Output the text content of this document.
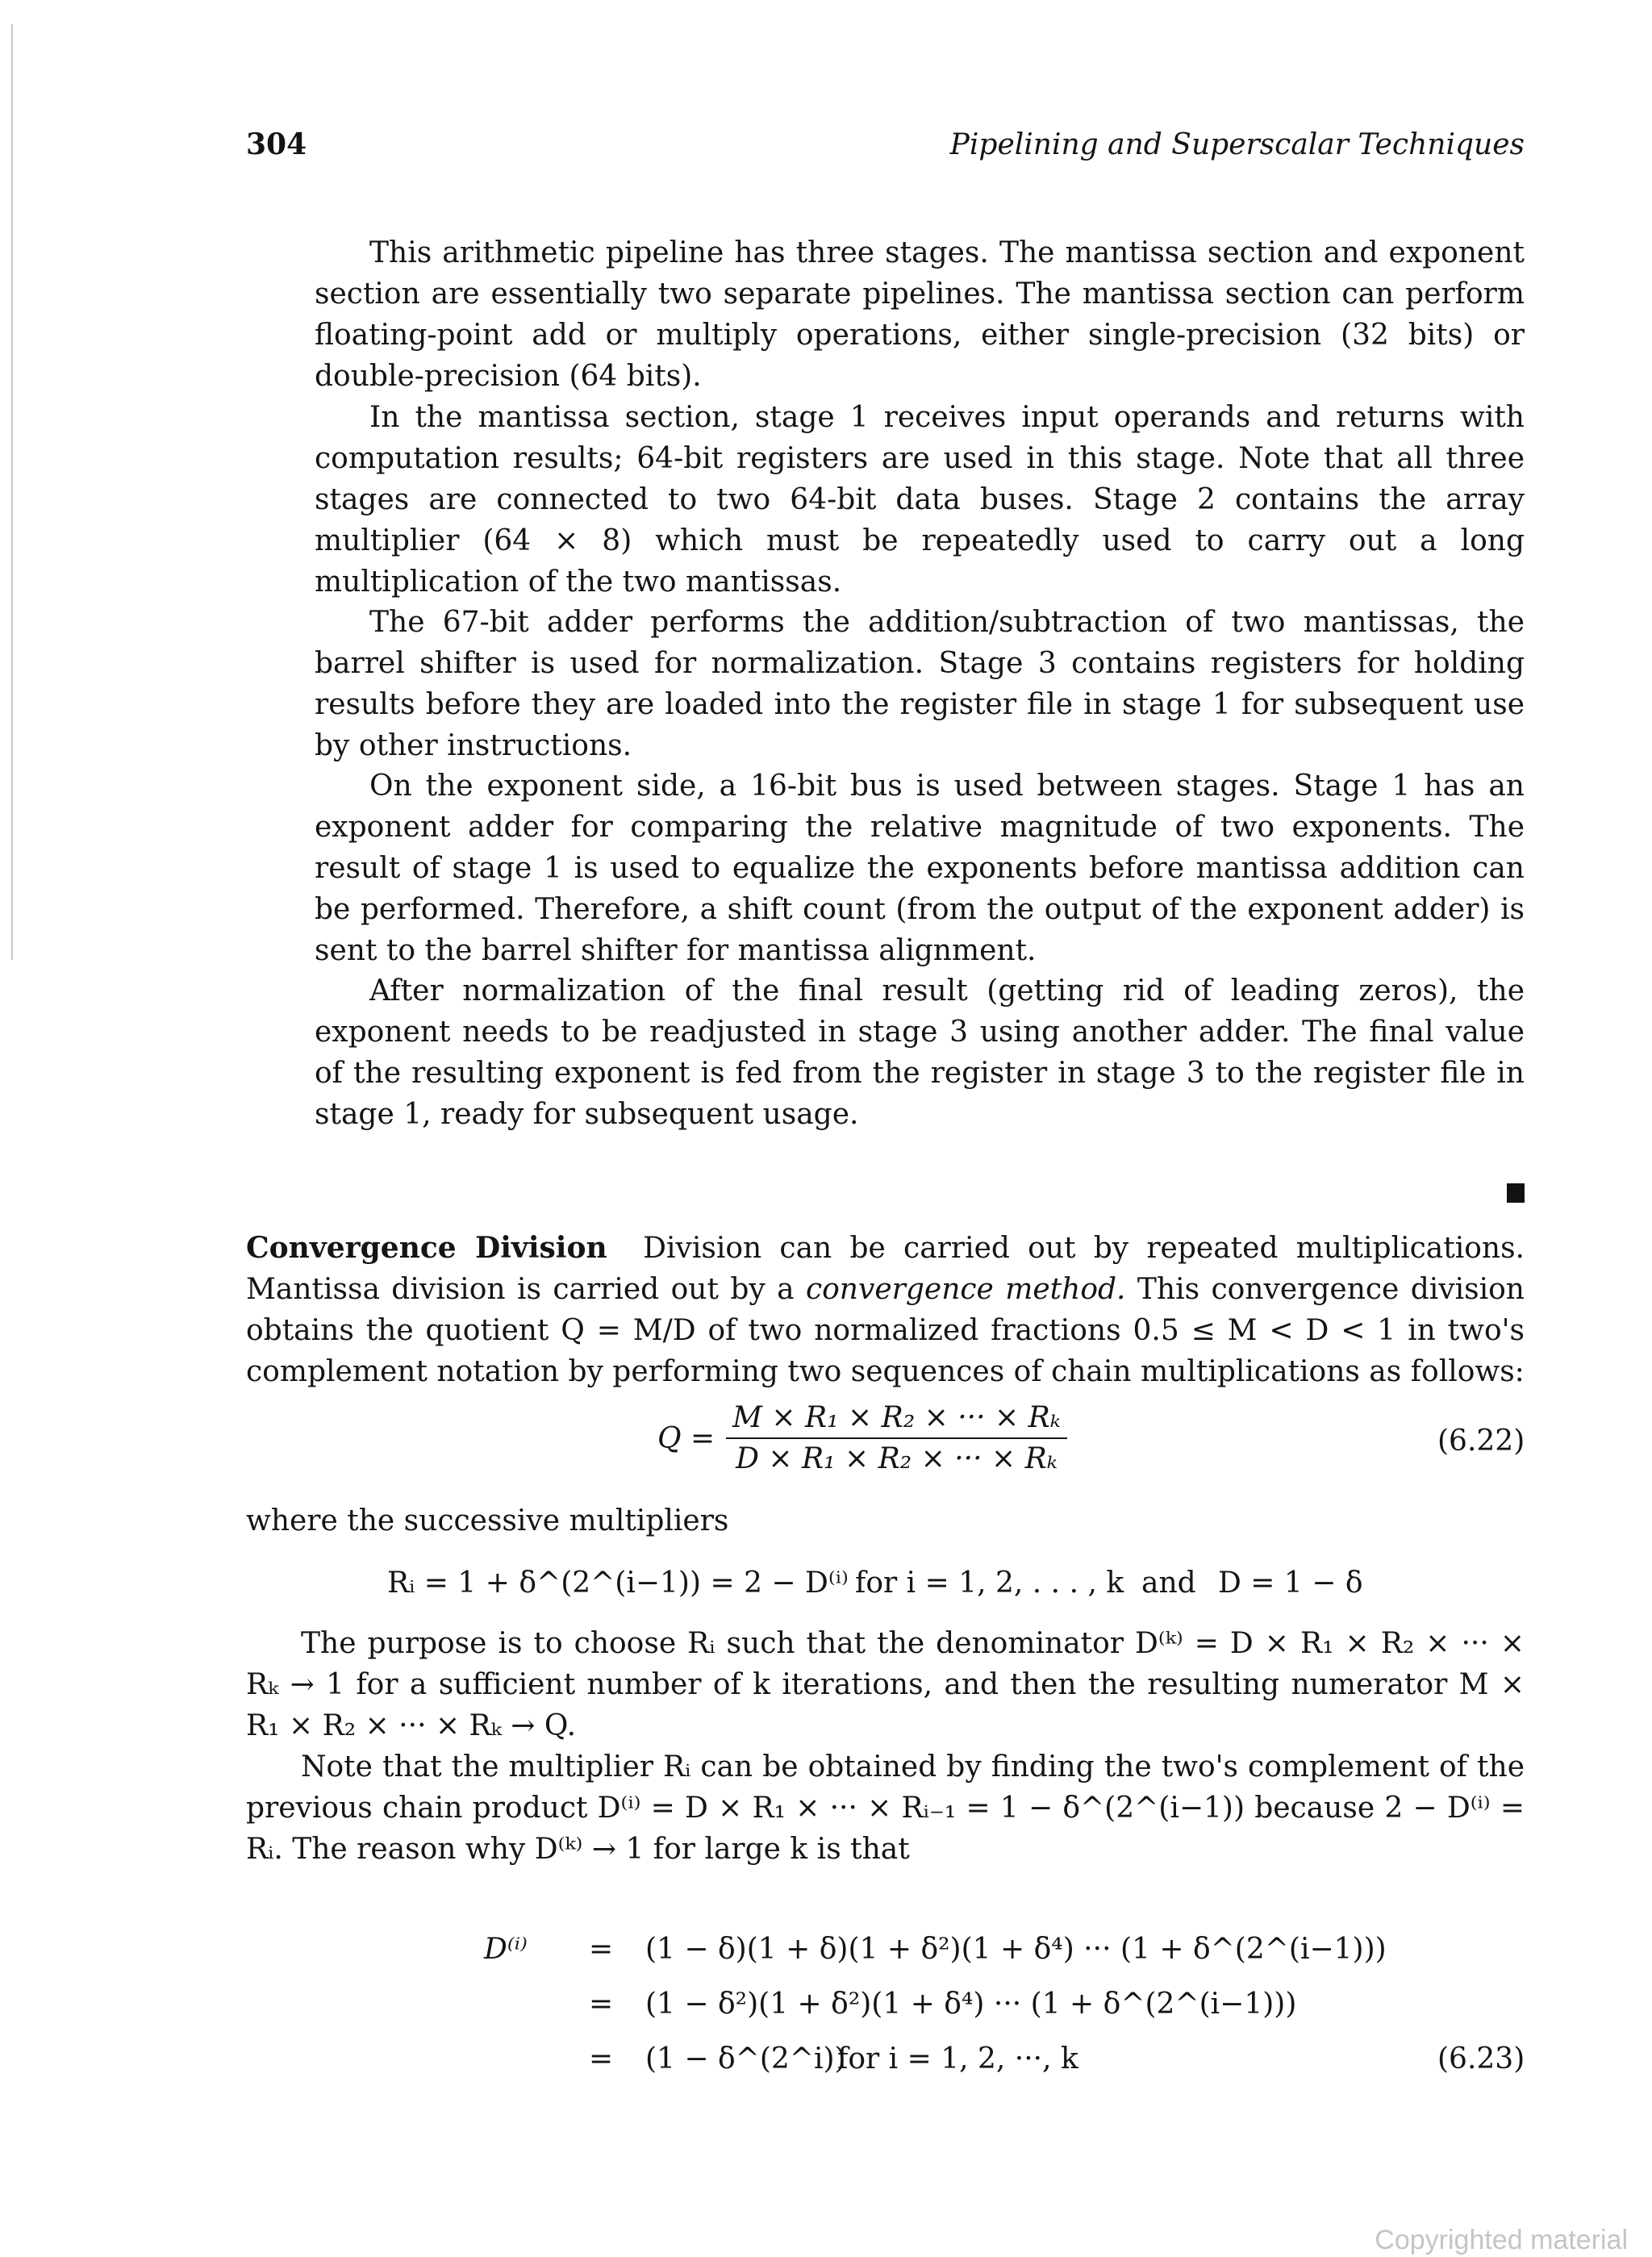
304	Pipelining and Superscalar Techniques

This arithmetic pipeline has three stages. The mantissa section and exponent section are essentially two separate pipelines. The mantissa section can perform floating-point add or multiply operations, either single-precision (32 bits) or double-precision (64 bits).

In the mantissa section, stage 1 receives input operands and returns with computation results; 64-bit registers are used in this stage. Note that all three stages are connected to two 64-bit data buses. Stage 2 contains the array multiplier (64 × 8) which must be repeatedly used to carry out a long multiplication of the two mantissas.

The 67-bit adder performs the addition/subtraction of two mantissas, the barrel shifter is used for normalization. Stage 3 contains registers for holding results before they are loaded into the register file in stage 1 for subsequent use by other instructions.

On the exponent side, a 16-bit bus is used between stages. Stage 1 has an exponent adder for comparing the relative magnitude of two exponents. The result of stage 1 is used to equalize the exponents before mantissa addition can be performed. Therefore, a shift count (from the output of the exponent adder) is sent to the barrel shifter for mantissa alignment.

After normalization of the final result (getting rid of leading zeros), the exponent needs to be readjusted in stage 3 using another adder. The final value of the resulting exponent is fed from the register in stage 3 to the register file in stage 1, ready for subsequent usage.

Convergence Division Division can be carried out by repeated multiplications. Mantissa division is carried out by a convergence method. This convergence division obtains the quotient Q = M/D of two normalized fractions 0.5 ≤ M < D < 1 in two's complement notation by performing two sequences of chain multiplications as follows:

$Q = \frac{\text{M × R₁ × R₂ × ··· × Rₖ}}{\text{D × R₁ × R₂ × ··· × Rₖ}}$	(6.22)

where the successive multipliers

Rᵢ = 1 + δ^(2^(i−1)) = 2 − D⁽ⁱ⁾ for i = 1, 2, . . . , k and D = 1 − δ

The purpose is to choose Rᵢ such that the denominator D⁽ᵏ⁾ = D × R₁ × R₂ × ··· × Rₖ → 1 for a sufficient number of k iterations, and then the resulting numerator M × R₁ × R₂ × ··· × Rₖ → Q.

Note that the multiplier Rᵢ can be obtained by finding the two's complement of the previous chain product D⁽ⁱ⁾ = D × R₁ × ··· × Rᵢ₋₁ = 1 − δ^(2^(i−1)) because 2 − D⁽ⁱ⁾ = Rᵢ. The reason why D⁽ᵏ⁾ → 1 for large k is that

D⁽ⁱ⁾ = (1 − δ)(1 + δ)(1 + δ²)(1 + δ⁴) ··· (1 + δ^(2^(i−1)))
= (1 − δ²)(1 + δ²)(1 + δ⁴) ··· (1 + δ^(2^(i−1)))
= (1 − δ^(2^i))
for i = 1, 2, ···, k	(6.23)
Copyrighted material
